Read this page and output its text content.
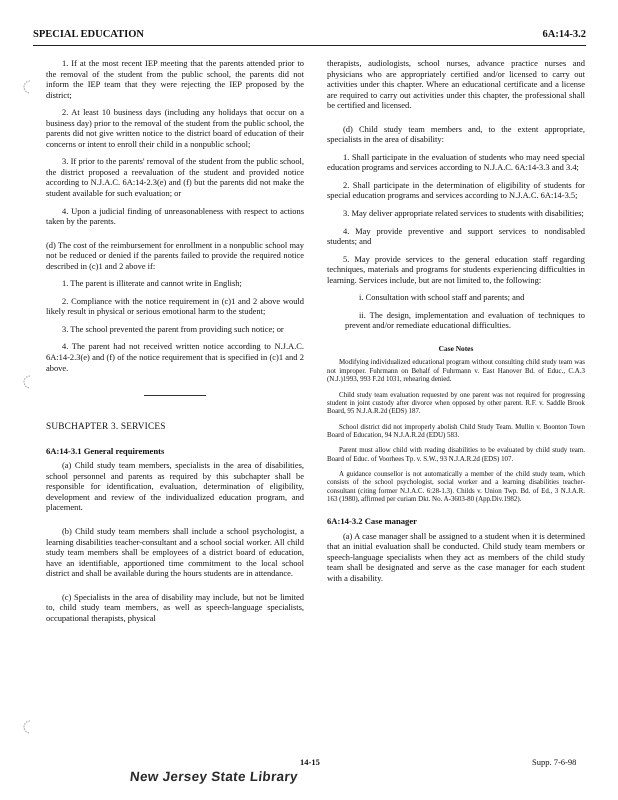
SPECIAL EDUCATION	6A:14-3.2

1. If at the most recent IEP meeting that the parents attended prior to the removal of the student from the public school, the parents did not inform the IEP team that they were rejecting the IEP proposed by the district;

2. At least 10 business days (including any holidays that occur on a business day) prior to the removal of the student from the public school, the parents did not give written notice to the district board of education of their concerns or intent to enroll their child in a nonpublic school;

3. If prior to the parents' removal of the student from the public school, the district proposed a reevaluation of the student and provided notice according to N.J.A.C. 6A:14-2.3(e) and (f) but the parents did not make the student available for such evaluation; or

4. Upon a judicial finding of unreasonableness with respect to actions taken by the parents.

(d) The cost of the reimbursement for enrollment in a nonpublic school may not be reduced or denied if the parents failed to provide the required notice described in (c)1 and 2 above if:

1. The parent is illiterate and cannot write in English;

2. Compliance with the notice requirement in (c)1 and 2 above would likely result in physical or serious emotional harm to the student;

3. The school prevented the parent from providing such notice; or

4. The parent had not received written notice according to N.J.A.C. 6A:14-2.3(e) and (f) of the notice requirement that is specified in (c)1 and 2 above.

SUBCHAPTER 3. SERVICES

6A:14-3.1 General requirements

(a) Child study team members, specialists in the area of disabilities, school personnel and parents as required by this subchapter shall be responsible for identification, evaluation, determination of eligibility, development and review of the individualized education program, and placement.

(b) Child study team members shall include a school psychologist, a learning disabilities teacher-consultant and a school social worker. All child study team members shall be employees of a district board of education, have an identifiable, apportioned time commitment to the local school district and shall be available during the hours students are in attendance.

(c) Specialists in the area of disability may include, but not be limited to, child study team members, as well as speech-language specialists, occupational therapists, physical

therapists, audiologists, school nurses, advance practice nurses and physicians who are appropriately certified and/or licensed to carry out activities under this chapter. Where an educational certificate and a license are required to carry out activities under this chapter, the professional shall be certified and licensed.

(d) Child study team members and, to the extent appropriate, specialists in the area of disability:

1. Shall participate in the evaluation of students who may need special education programs and services according to N.J.A.C. 6A:14-3.3 and 3.4;

2. Shall participate in the determination of eligibility of students for special education programs and services according to N.J.A.C. 6A:14-3.5;

3. May deliver appropriate related services to students with disabilities;

4. May provide preventive and support services to nondisabled students; and

5. May provide services to the general education staff regarding techniques, materials and programs for students experiencing difficulties in learning. Services include, but are not limited to, the following:

i. Consultation with school staff and parents; and

ii. The design, implementation and evaluation of techniques to prevent and/or remediate educational difficulties.

Case Notes

Modifying individualized educational program without consulting child study team was not improper. Fuhrmann on Behalf of Fuhrmann v. East Hanover Bd. of Educ., C.A.3 (N.J.)1993, 993 F.2d 1031, rehearing denied.

Child study team evaluation requested by one parent was not required for progressing student in joint custody after divorce when opposed by other parent. R.F. v. Saddle Brook Board, 95 N.J.A.R.2d (EDS) 187.

School district did not improperly abolish Child Study Team. Mullin v. Boonton Town Board of Education, 94 N.J.A.R.2d (EDU) 583.

Parent must allow child with reading disabilities to be evaluated by child study team. Board of Educ. of Voorhees Tp. v. S.W., 93 N.J.A.R.2d (EDS) 107.

A guidance counsellor is not automatically a member of the child study team, which consists of the school psychologist, social worker and a learning disabilities teacher-consultant (citing former N.J.A.C. 6:28-1.3). Childs v. Union Twp. Bd. of Ed., 3 N.J.A.R. 163 (1980), affirmed per curiam Dkt. No. A-3603-80 (App.Div.1982).

6A:14-3.2 Case manager

(a) A case manager shall be assigned to a student when it is determined that an initial evaluation shall be conducted. Child study team members or speech-language specialists when they act as members of the child study team shall be designated and serve as the case manager for each student with a disability.

14-15	Supp. 7-6-98
New Jersey State Library
